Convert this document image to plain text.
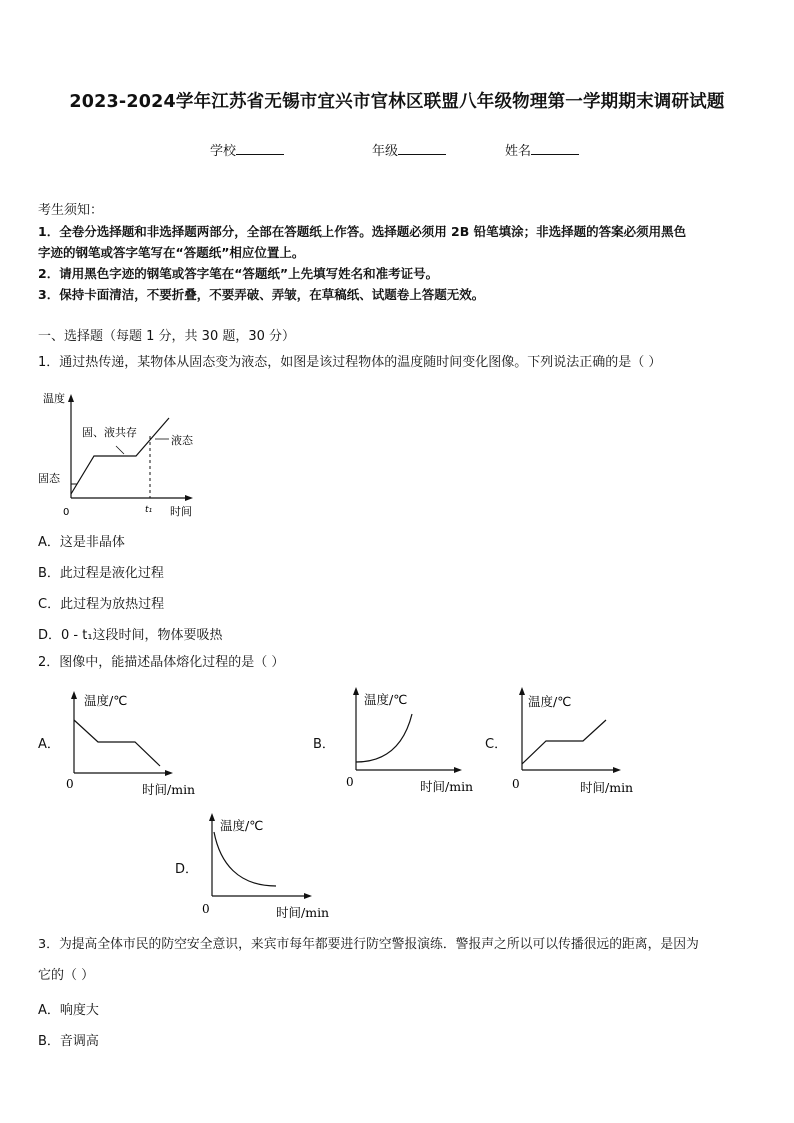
2023-2024学年江苏省无锡市宜兴市官林区联盟八年级物理第一学期期末调研试题
学校	年级	姓名
考生须知：
1．全卷分选择题和非选择题两部分，全部在答题纸上作答。选择题必须用 2B 铅笔填涂；非选择题的答案必须用黑色
字迹的钢笔或答字笔写在“答题纸”相应位置上。
2．请用黑色字迹的钢笔或答字笔在“答题纸”上先填写姓名和准考证号。
3．保持卡面清洁，不要折叠，不要弄破、弄皱，在草稿纸、试题卷上答题无效。
一、选择题（每题 1 分，共 30 题，30 分）
1．通过热传递，某物体从固态变为液态，如图是该过程物体的温度随时间变化图像。下列说法正确的是（ ）
温度
固态
固、液共存
液态
0	t₁ 时间
A．这是非晶体
B．此过程是液化过程
C．此过程为放热过程
D．0 - t₁这段时间，物体要吸热
2．图像中，能描述晶体熔化过程的是（ ）
A．
温度/℃
0	时间/min
B．
温度/℃
0	时间/min
C．
温度/℃
0	时间/min
D．
温度/℃
0	时间/min
3．为提高全体市民的防空安全意识，来宾市每年都要进行防空警报演练．警报声之所以可以传播很远的距离，是因为
它的（ ）
A．响度大
B．音调高
